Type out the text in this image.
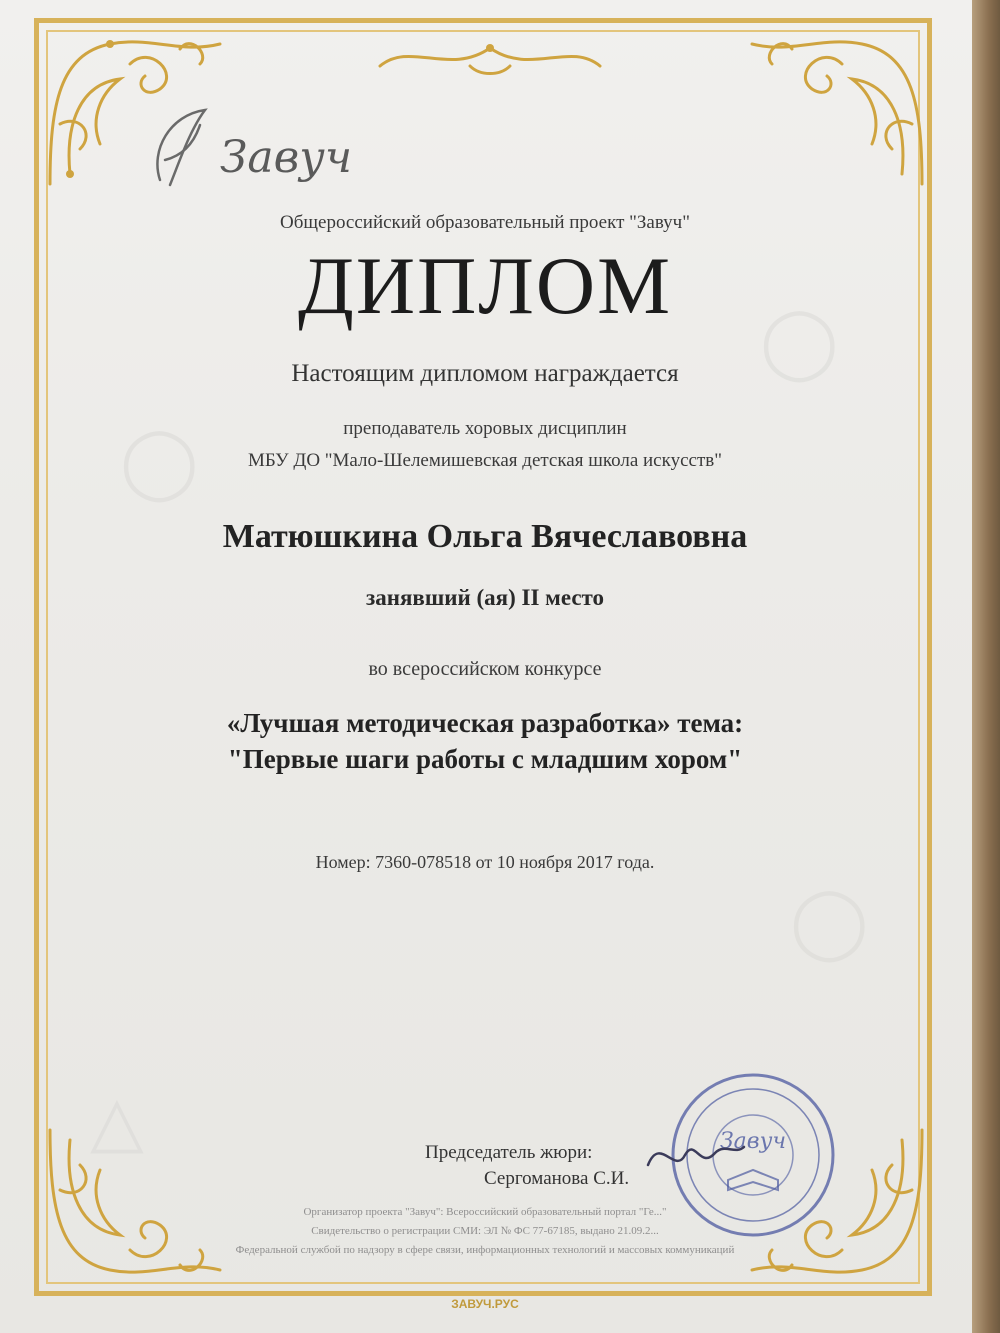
◯
◯
△
◯
Завуч
Общероссийский образовательный проект "Завуч"
ДИПЛОМ
Настоящим дипломом награждается
преподаватель хоровых дисциплин
МБУ ДО "Мало-Шелемишевская детская школа искусств"
Матюшкина Ольга Вячеславовна
занявший (ая) II место
во всероссийском конкурсе
«Лучшая методическая разработка» тема:
"Первые шаги работы с младшим хором"
Номер: 7360-078518 от 10 ноября 2017 года.
Завуч
Председатель жюри:
Сергоманова С.И.
Организатор проекта "Завуч": Всероссийский образовательный портал "Ге..."
Свидетельство о регистрации СМИ: ЭЛ № ФС 77-67185, выдано 21.09.2...
Федеральной службой по надзору в сфере связи, информационных технологий и массовых коммуникаций
ЗАВУЧ.РУС
